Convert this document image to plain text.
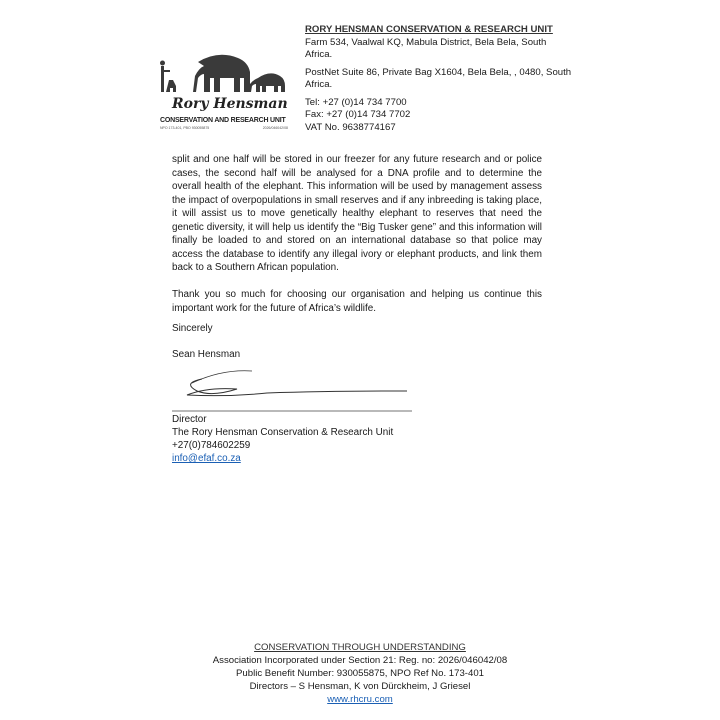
Rory Hensman
CONSERVATION AND RESEARCH UNIT
NPO 173-401, PBO 930055875	2026/046042/08
RORY HENSMAN CONSERVATION & RESEARCH UNIT

Farm 534, Vaalwal KQ, Mabula District, Bela Bela, South Africa.

PostNet Suite 86, Private Bag X1604, Bela Bela, , 0480, South Africa.

Tel: +27 (0)14 734 7700
Fax: +27 (0)14 734 7702
VAT No. 9638774167

split and one half will be stored in our freezer for any future research and or police cases, the second half will be analysed for a DNA profile and to determine the overall health of the elephant. This information will be used by management assess the impact of overpopulations in small reserves and if any inbreeding is taking place, it will assist us to move genetically healthy elephant to reserves that need the genetic diversity, it will help us identify the “Big Tusker gene” and this information will finally be loaded to and stored on an international database so that police may access the database to identify any illegal ivory or elephant products, and link them back to a Southern African population.

Thank you so much for choosing our organisation and helping us continue this important work for the future of Africa’s wildlife.

Sincerely
Sean Hensman
Director
The Rory Hensman Conservation & Research Unit
+27(0)784602259
info@efaf.co.za
CONSERVATION THROUGH UNDERSTANDING
Association Incorporated under Section 21: Reg. no: 2026/046042/08
Public Benefit Number: 930055875, NPO Ref No. 173-401
Directors – S Hensman, K von Dürckheim, J Griesel
www.rhcru.com
